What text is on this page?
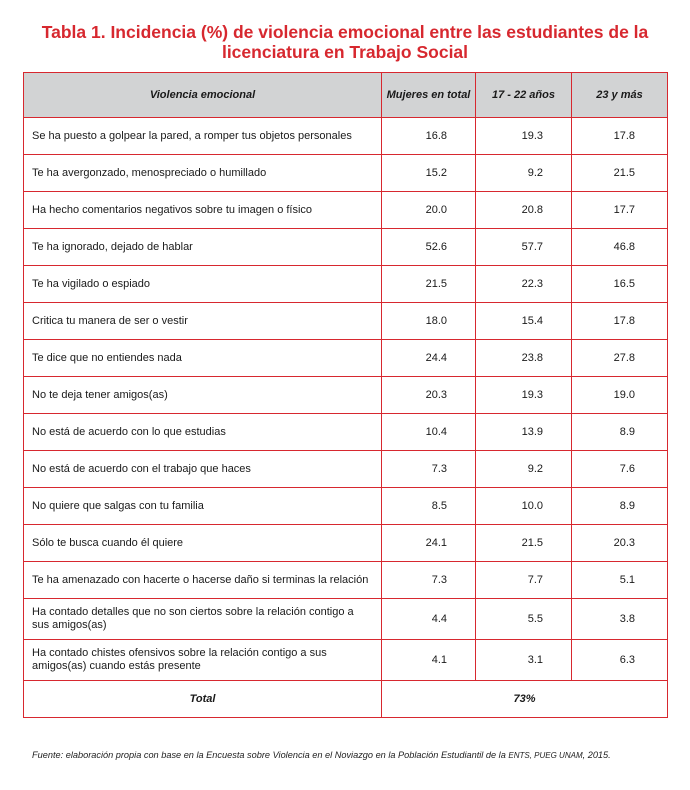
Tabla 1. Incidencia (%) de violencia emocional entre las estudiantes de la
licenciatura en Trabajo Social
Violencia emocional	Mujeres en total	17 - 22 años	23 y más
Se ha puesto a golpear la pared, a romper tus objetos personales	16.8	19.3	17.8
Te ha avergonzado, menospreciado o humillado	15.2	9.2	21.5
Ha hecho comentarios negativos sobre tu imagen o físico	20.0	20.8	17.7
Te ha ignorado, dejado de hablar	52.6	57.7	46.8
Te ha vigilado o espiado	21.5	22.3	16.5
Critica tu manera de ser o vestir	18.0	15.4	17.8
Te dice que no entiendes nada	24.4	23.8	27.8
No te deja tener amigos(as)	20.3	19.3	19.0
No está de acuerdo con lo que estudias	10.4	13.9	8.9
No está de acuerdo con el trabajo que haces	7.3	9.2	7.6
No quiere que salgas con tu familia	8.5	10.0	8.9
Sólo te busca cuando él quiere	24.1	21.5	20.3
Te ha amenazado con hacerte o hacerse daño si terminas la relación	7.3	7.7	5.1
Ha contado detalles que no son ciertos sobre la relación contigo a sus amigos(as)	4.4	5.5	3.8
Ha contado chistes ofensivos sobre la relación contigo a sus amigos(as) cuando estás presente	4.1	3.1	6.3
Total	73%		
Fuente: elaboración propia con base en la Encuesta sobre Violencia en el Noviazgo en la Población Estudiantil de la ENTS, PUEG UNAM, 2015.
